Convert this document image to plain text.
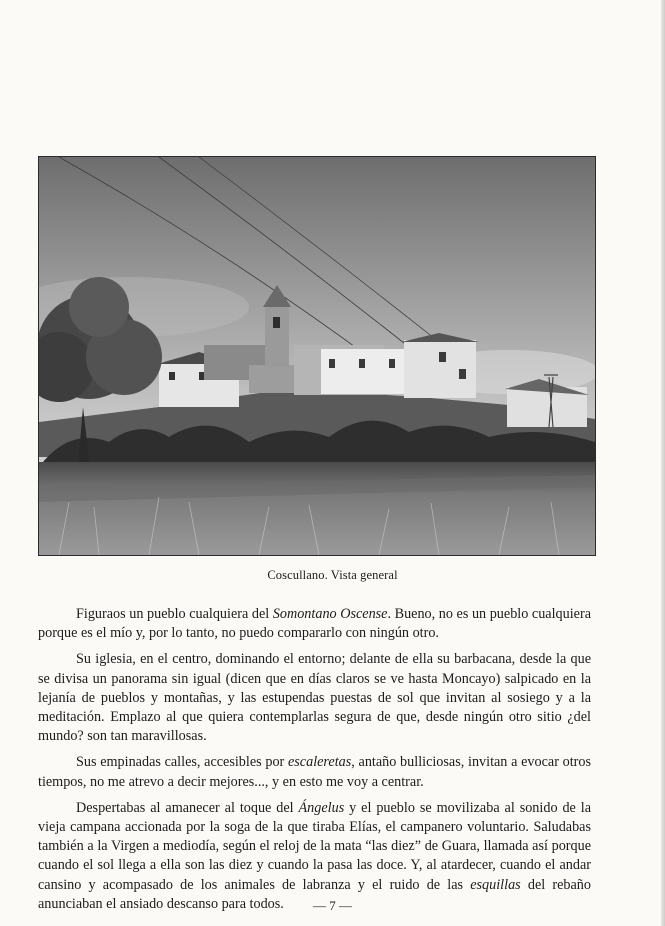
Coscullano. Vista general

Figuraos un pueblo cualquiera del Somontano Oscense. Bueno, no es un pueblo cualquiera porque es el mío y, por lo tanto, no puedo compararlo con ningún otro.

Su iglesia, en el centro, dominando el entorno; delante de ella su barbacana, desde la que se divisa un panorama sin igual (dicen que en días claros se ve hasta Moncayo) salpicado en la lejanía de pueblos y montañas, y las estupendas puestas de sol que invitan al sosiego y a la meditación. Emplazo al que quiera contemplarlas segura de que, desde ningún otro sitio ¿del mundo? son tan maravillosas.

Sus empinadas calles, accesibles por escaleretas, antaño bulliciosas, invitan a evocar otros tiempos, no me atrevo a decir mejores..., y en esto me voy a centrar.

Despertabas al amanecer al toque del Ángelus y el pueblo se movilizaba al sonido de la vieja campana accionada por la soga de la que tiraba Elías, el campanero voluntario. Saludabas también a la Virgen a mediodía, según el reloj de la mata “las diez” de Guara, llamada así porque cuando el sol llega a ella son las diez y cuando la pasa las doce. Y, al atardecer, cuando el andar cansino y acompasado de los animales de labranza y el ruido de las esquillas del rebaño anunciaban el ansiado descanso para todos.	— 7 —
